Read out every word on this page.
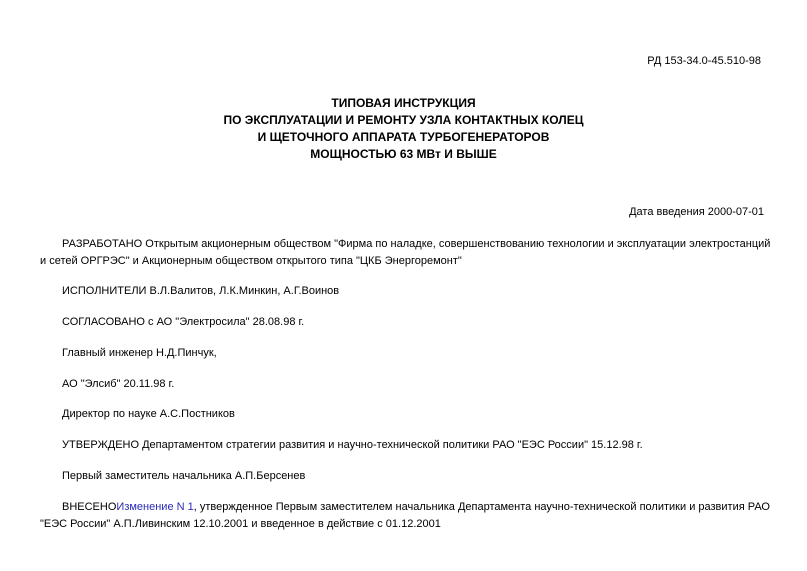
РД 153-34.0-45.510-98
ТИПОВАЯ ИНСТРУКЦИЯ
ПО ЭКСПЛУАТАЦИИ И РЕМОНТУ УЗЛА КОНТАКТНЫХ КОЛЕЦ
И ЩЕТОЧНОГО АППАРАТА ТУРБОГЕНЕРАТОРОВ
МОЩНОСТЬЮ 63 МВт И ВЫШЕ
Дата введения 2000-07-01
РАЗРАБОТАНО Открытым акционерным обществом "Фирма по наладке, совершенствованию технологии и эксплуатации электростанций и сетей ОРГРЭС" и Акционерным обществом открытого типа "ЦКБ Энергоремонт"
ИСПОЛНИТЕЛИ В.Л.Валитов, Л.К.Минкин, А.Г.Воинов
СОГЛАСОВАНО с АО "Электросила" 28.08.98 г.
Главный инженер Н.Д.Пинчук,
АО "Элсиб" 20.11.98 г.
Директор по науке А.С.Постников
УТВЕРЖДЕНО Департаментом стратегии развития и научно-технической политики РАО "ЕЭС России" 15.12.98 г.
Первый заместитель начальника А.П.Берсенев
ВНЕСЕНОИзменение N 1, утвержденное Первым заместителем начальника Департамента научно-технической политики и развития РАО "ЕЭС России" А.П.Ливинским 12.10.2001 и введенное в действие с 01.12.2001
